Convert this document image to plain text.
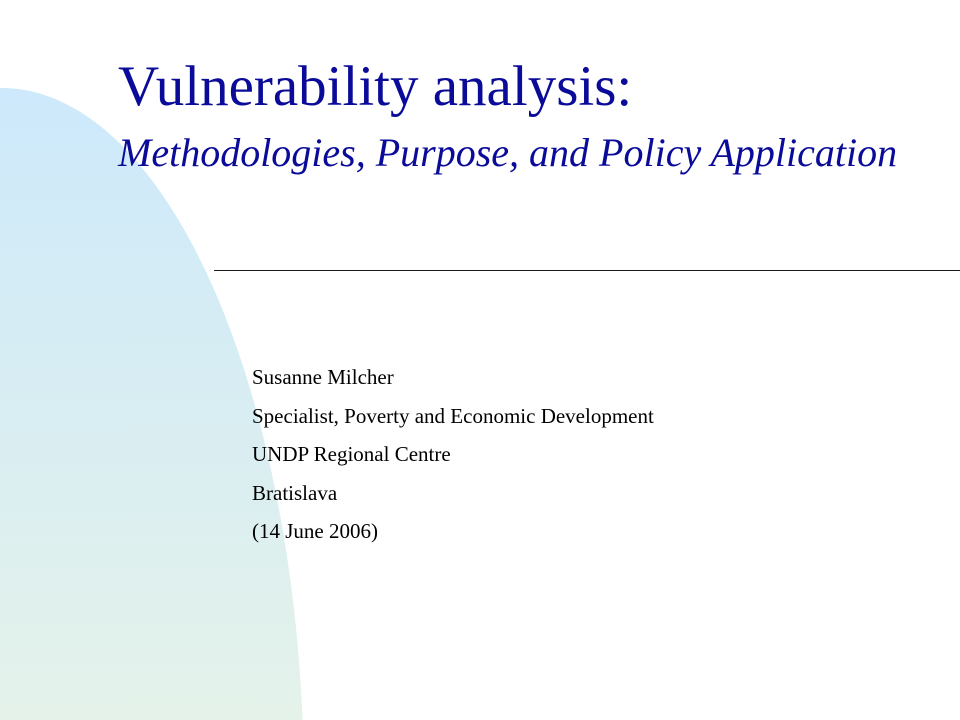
Vulnerability analysis:

Methodologies, Purpose, and Policy Application

Susanne Milcher
Specialist, Poverty and Economic Development
UNDP Regional Centre
Bratislava
(14 June 2006)
